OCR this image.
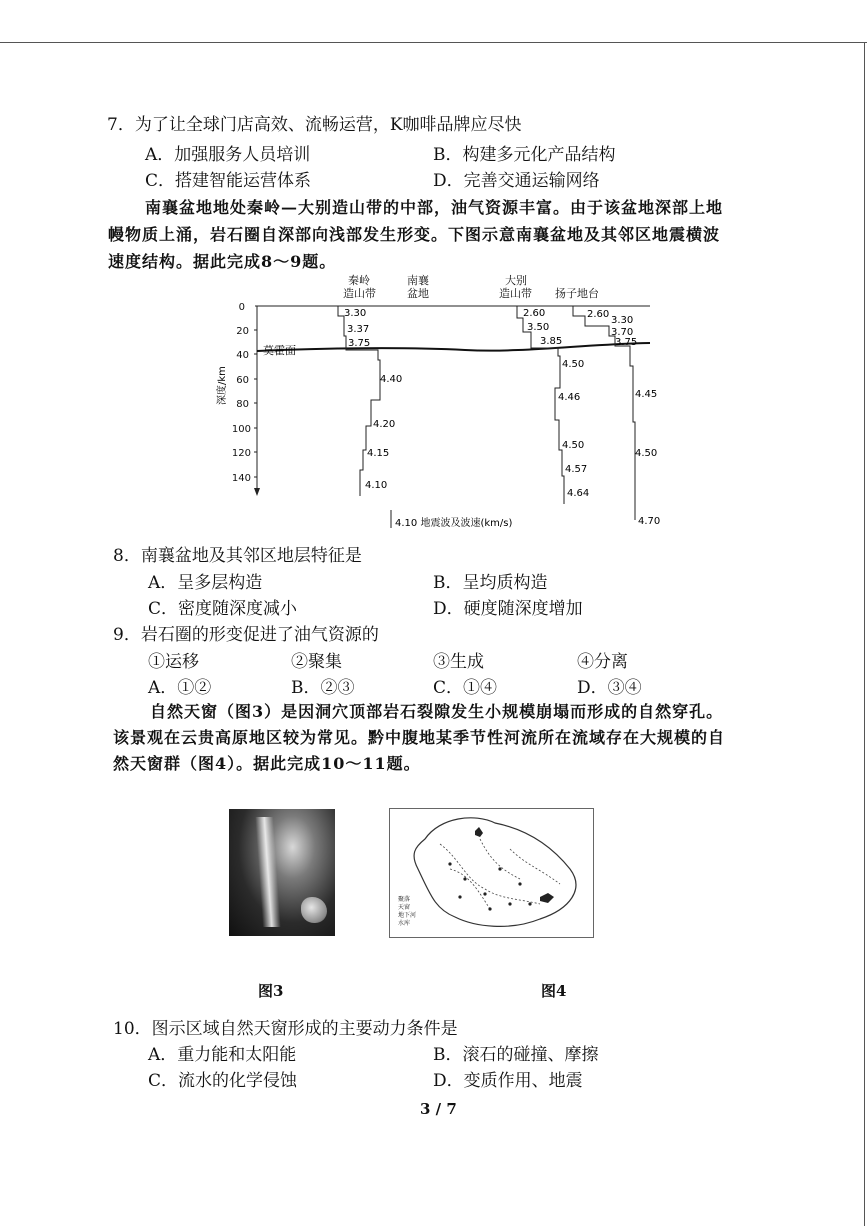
7．为了让全球门店高效、流畅运营，K咖啡品牌应尽快
A．加强服务人员培训	B．构建多元化产品结构
C．搭建智能运营体系	D．完善交通运输网络
南襄盆地地处秦岭—大别造山带的中部，油气资源丰富。由于该盆地深部上地
幔物质上涌，岩石圈自深部向浅部发生形变。下图示意南襄盆地及其邻区地震横波
速度结构。据此完成8～9题。
秦岭
造山带
南襄
盆地
大别
造山带 扬子地台
0
20
40
60
80
100
120
140
深度/km
莫霍面
3.30
3.37
3.75
4.40
4.20
4.15
4.10
2.60
3.50
3.85
4.50
4.46
4.50
4.57
4.64
2.60
3.30
3.70
3.75
4.45
4.50
4.70
4.10 地震波及波速(km/s)
8．南襄盆地及其邻区地层特征是
A．呈多层构造	B．呈均质构造
C．密度随深度减小	D．硬度随深度增加
9．岩石圈的形变促进了油气资源的
①运移	②聚集	③生成	④分离
A．①②	B．②③	C．①④	D．③④
自然天窗（图3）是因洞穴顶部岩石裂隙发生小规模崩塌而形成的自然穿孔。
该景观在云贵高原地区较为常见。黔中腹地某季节性河流所在流域存在大规模的自
然天窗群（图4）。据此完成10～11题。
聚落
天窗
地下河
水库
图3	图4
10．图示区域自然天窗形成的主要动力条件是
A．重力能和太阳能	B．滚石的碰撞、摩擦
C．流水的化学侵蚀	D．变质作用、地震
3 / 7
